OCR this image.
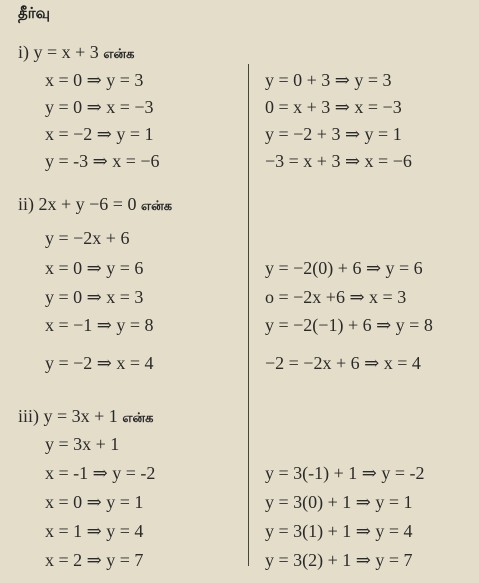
தீர்வு
i) y = x + 3 என்க
x = 0 ⇒ y = 3
y = 0 ⇒ x = −3
x = −2 ⇒ y = 1
y = -3 ⇒ x = −6
y = 0 + 3 ⇒ y = 3
0 = x + 3 ⇒ x = −3
y = −2 + 3 ⇒ y = 1
−3 = x + 3 ⇒ x = −6
ii) 2x + y −6 = 0 என்க
y = −2x + 6
x = 0 ⇒ y = 6
y = 0 ⇒ x = 3
x = −1 ⇒ y = 8
y = −2 ⇒ x = 4
y = −2(0) + 6 ⇒ y = 6
o = −2x +6 ⇒ x = 3
y = −2(−1) + 6 ⇒ y = 8
−2 = −2x + 6 ⇒ x = 4
iii) y = 3x + 1 என்க
y = 3x + 1
x = -1 ⇒ y = -2
x = 0 ⇒ y = 1
x = 1 ⇒ y = 4
x = 2 ⇒ y = 7
y = 3(-1) + 1 ⇒ y = -2
y = 3(0) + 1 ⇒ y = 1
y = 3(1) + 1 ⇒ y = 4
y = 3(2) + 1 ⇒ y = 7
